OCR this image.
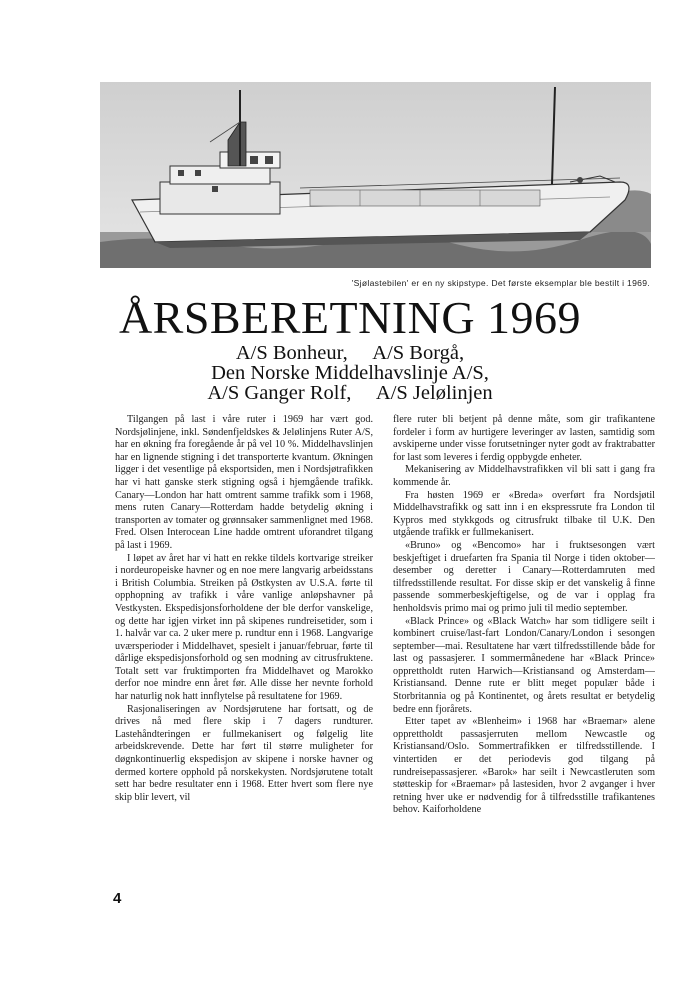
'Sjølastebilen' er en ny skipstype. Det første eksemplar ble bestilt i 1969.
ÅRSBERETNING 1969
A/S Bonheur,     A/S Borgå,
Den Norske Middelhavslinje A/S,
A/S Ganger Rolf,     A/S Jelølinjen

Tilgangen på last i våre ruter i 1969 har vært god. Nordsjølinjene, inkl. Søndenfjeldskes & Jelølinjens Ruter A/S, har en økning fra foregående år på vel 10 %. Middelhavslinjen har en lignende stigning i det transporterte kvantum. Økningen ligger i det vesentlige på eksportsiden, men i Nordsjøtrafikken har vi hatt ganske sterk stigning også i hjemgående trafikk. Canary—London har hatt omtrent samme trafikk som i 1968, mens ruten Canary—Rotterdam hadde betydelig økning i transporten av tomater og grønnsaker sammenlignet med 1968. Fred. Olsen Interocean Line hadde omtrent uforandret tilgang på last i 1969.

I løpet av året har vi hatt en rekke tildels kortvarige streiker i nordeuropeiske havner og en noe mere langvarig arbeidsstans i British Columbia. Streiken på Østkysten av U.S.A. førte til opphopning av trafikk i våre vanlige anløpshavner på Vestkysten. Ekspedisjonsforholdene der ble derfor vanskelige, og dette har igjen virket inn på skipenes rundreisetider, som i 1. halvår var ca. 2 uker mere p. rundtur enn i 1968. Langvarige uværsperioder i Middelhavet, spesielt i januar/februar, førte til dårlige ekspedisjonsforhold og sen modning av citrusfruktene. Totalt sett var fruktimporten fra Middelhavet og Marokko derfor noe mindre enn året før. Alle disse her nevnte forhold har naturlig nok hatt innflytelse på resultatene for 1969.

Rasjonaliseringen av Nordsjørutene har fortsatt, og de drives nå med flere skip i 7 dagers rundturer. Lastehåndteringen er fullmekanisert og følgelig lite arbeidskrevende. Dette har ført til større muligheter for døgnkontinuerlig ekspedisjon av skipene i norske havner og dermed kortere opphold på norskekysten. Nordsjørutene totalt sett har bedre resultater enn i 1968. Etter hvert som flere nye skip blir levert, vil

flere ruter bli betjent på denne måte, som gir trafikantene fordeler i form av hurtigere leveringer av lasten, samtidig som avskiperne under visse forutsetninger nyter godt av fraktrabatter for last som leveres i ferdig oppbygde enheter.

Mekanisering av Middelhavstrafikken vil bli satt i gang fra kommende år.

Fra høsten 1969 er «Breda» overført fra Nordsjøtil Middelhavstrafikk og satt inn i en ekspressrute fra London til Kypros med stykkgods og citrusfrukt tilbake til U.K. Den utgående trafikk er fullmekanisert.

«Bruno» og «Bencomo» har i fruktsesongen vært beskjeftiget i druefarten fra Spania til Norge i tiden oktober—desember og deretter i Canary—Rotterdamruten med tilfredsstillende resultat. For disse skip er det vanskelig å finne passende sommerbeskjeftigelse, og de var i opplag fra henholdsvis primo mai og primo juli til medio september.

«Black Prince» og «Black Watch» har som tidligere seilt i kombinert cruise/last-fart London/Canary/London i sesongen september—mai. Resultatene har vært tilfredsstillende både for last og passasjerer. I sommermånedene har «Black Prince» opprettholdt ruten Harwich—Kristiansand og Amsterdam—Kristiansand. Denne rute er blitt meget populær både i Storbritannia og på Kontinentet, og årets resultat er betydelig bedre enn fjorårets.

Etter tapet av «Blenheim» i 1968 har «Braemar» alene opprettholdt passasjerruten mellom Newcastle og Kristiansand/Oslo. Sommertrafikken er tilfredsstillende. I vintertiden er det periodevis god tilgang på rundreisepassasjerer. «Barok» har seilt i Newcastleruten som støtteskip for «Braemar» på lastesiden, hvor 2 avganger i hver retning hver uke er nødvendig for å tilfredsstille trafikantenes behov. Kaiforholdene

4
